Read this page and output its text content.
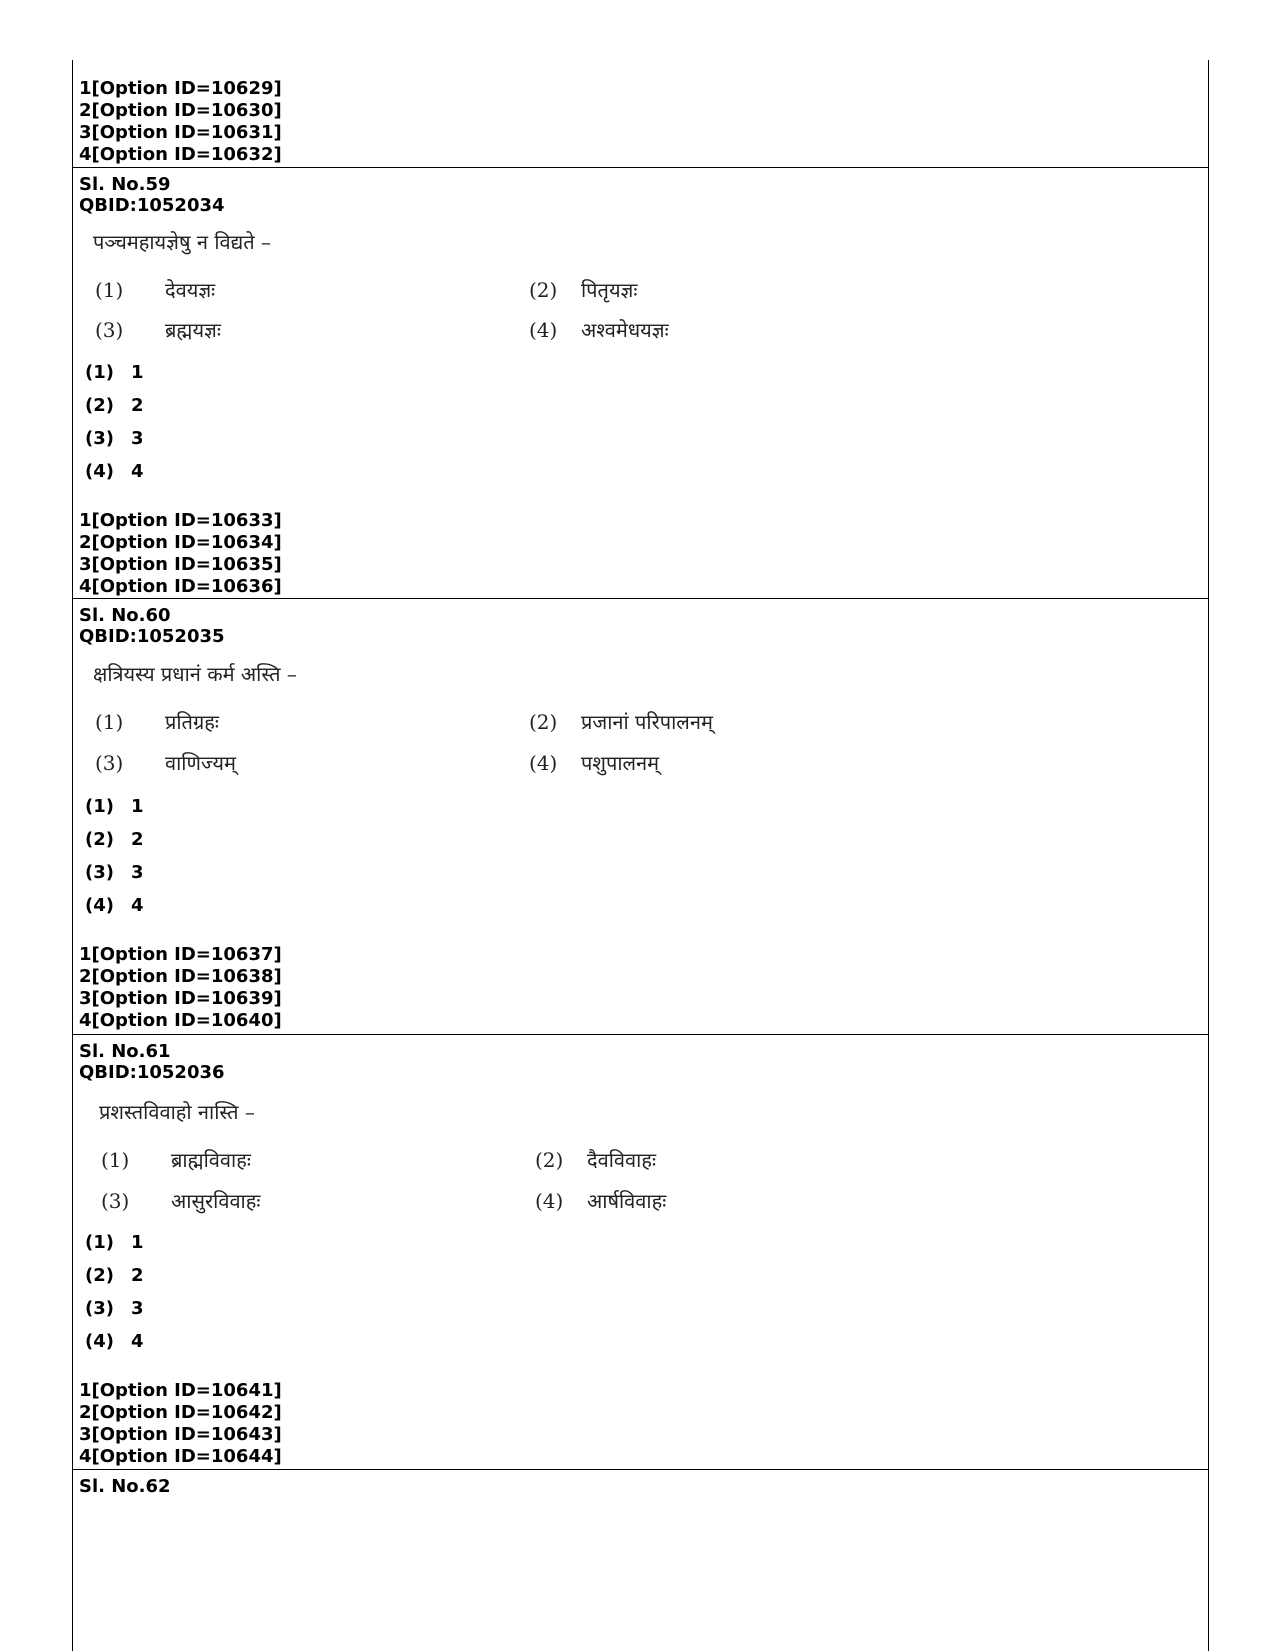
1[Option ID=10629]
2[Option ID=10630]
3[Option ID=10631]
4[Option ID=10632]
Sl. No.59
QBID:1052034
पञ्चमहायज्ञेषु न विद्यते –
(1) देवयज्ञः	(2) पितृयज्ञः
(3) ब्रह्मयज्ञः	(4) अश्वमेधयज्ञः
(1) 1
(2) 2
(3) 3
(4) 4
1[Option ID=10633]
2[Option ID=10634]
3[Option ID=10635]
4[Option ID=10636]
Sl. No.60
QBID:1052035
क्षत्रियस्य प्रधानं कर्म अस्ति –
(1) प्रतिग्रहः	(2) प्रजानां परिपालनम्
(3) वाणिज्यम्	(4) पशुपालनम्
(1) 1
(2) 2
(3) 3
(4) 4
1[Option ID=10637]
2[Option ID=10638]
3[Option ID=10639]
4[Option ID=10640]
Sl. No.61
QBID:1052036
प्रशस्तविवाहो नास्ति –
(1) ब्राह्मविवाहः	(2) दैवविवाहः
(3) आसुरविवाहः	(4) आर्षविवाहः
(1) 1
(2) 2
(3) 3
(4) 4
1[Option ID=10641]
2[Option ID=10642]
3[Option ID=10643]
4[Option ID=10644]
Sl. No.62
